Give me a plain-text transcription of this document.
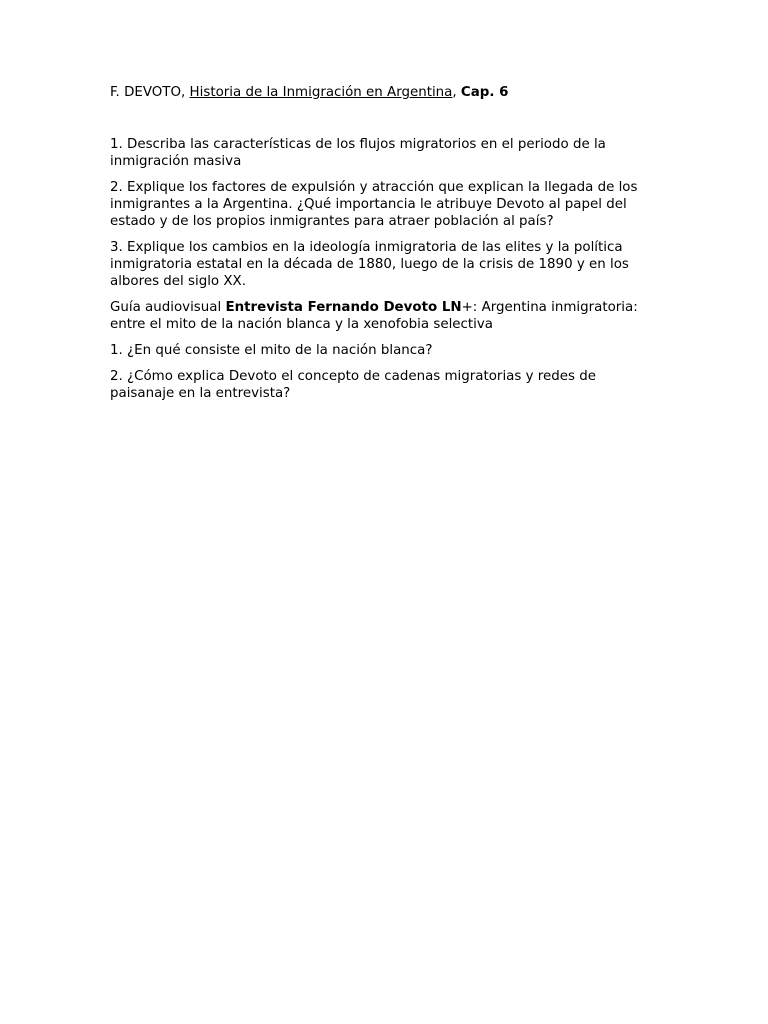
F. DEVOTO, Historia de la Inmigración en Argentina, Cap. 6

1. Describa las características de los flujos migratorios en el periodo de la inmigración masiva

2. Explique los factores de expulsión y atracción que explican la llegada de los inmigrantes a la Argentina. ¿Qué importancia le atribuye Devoto al papel del estado y de los propios inmigrantes para atraer población al país?

3. Explique los cambios en la ideología inmigratoria de las elites y la política inmigratoria estatal en la década de 1880, luego de la crisis de 1890 y en los albores del siglo XX.

Guía audiovisual Entrevista Fernando Devoto LN+: Argentina inmigratoria: entre el mito de la nación blanca y la xenofobia selectiva

1. ¿En qué consiste el mito de la nación blanca?

2. ¿Cómo explica Devoto el concepto de cadenas migratorias y redes de paisanaje en la entrevista?
